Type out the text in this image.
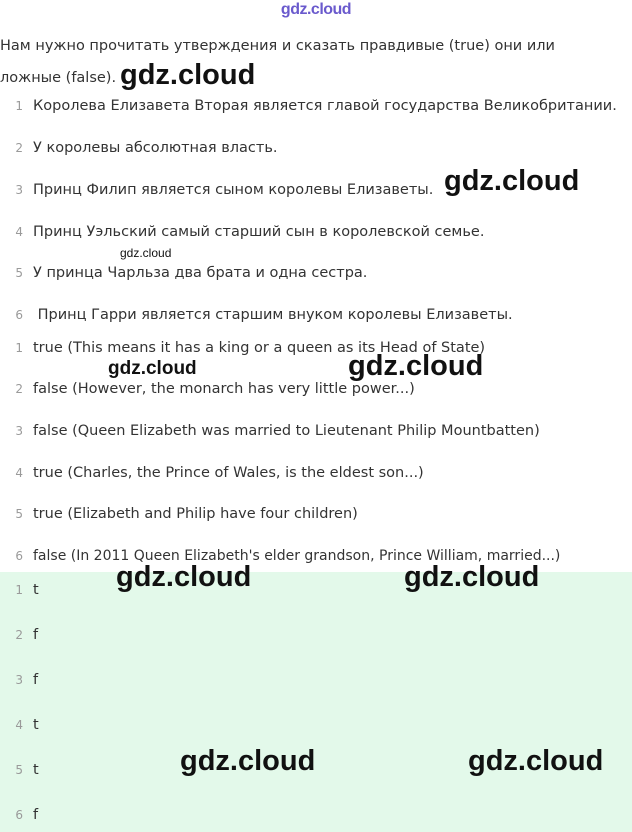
gdz.cloud
Нам нужно прочитать утверждения и сказать правдивые (true) они или ложные (false).
1 Королева Елизавета Вторая является главой государства Великобритании.
2 У королевы абсолютная власть.
3 Принц Филип является сыном королевы Елизаветы.
4 Принц Уэльский самый старший сын в королевской семье.
5 У принца Чарльза два брата и одна сестра.
6 Принц Гарри является старшим внуком королевы Елизаветы.
1 true (This means it has a king or a queen as its Head of State)
2 false (However, the monarch has very little power...)
3 false (Queen Elizabeth was married to Lieutenant Philip Mountbatten)
4 true (Charles, the Prince of Wales, is the eldest son...)
5 true (Elizabeth and Philip have four children)
6 false (In 2011 Queen Elizabeth's elder grandson, Prince William, married...)
1 t
2 f
3 f
4 t
5 t
6 f
gdz.cloud
gdz.cloud
gdz.cloud
gdz.cloud	gdz.cloud
gdz.cloud	gdz.cloud
gdz.cloud	gdz.cloud
